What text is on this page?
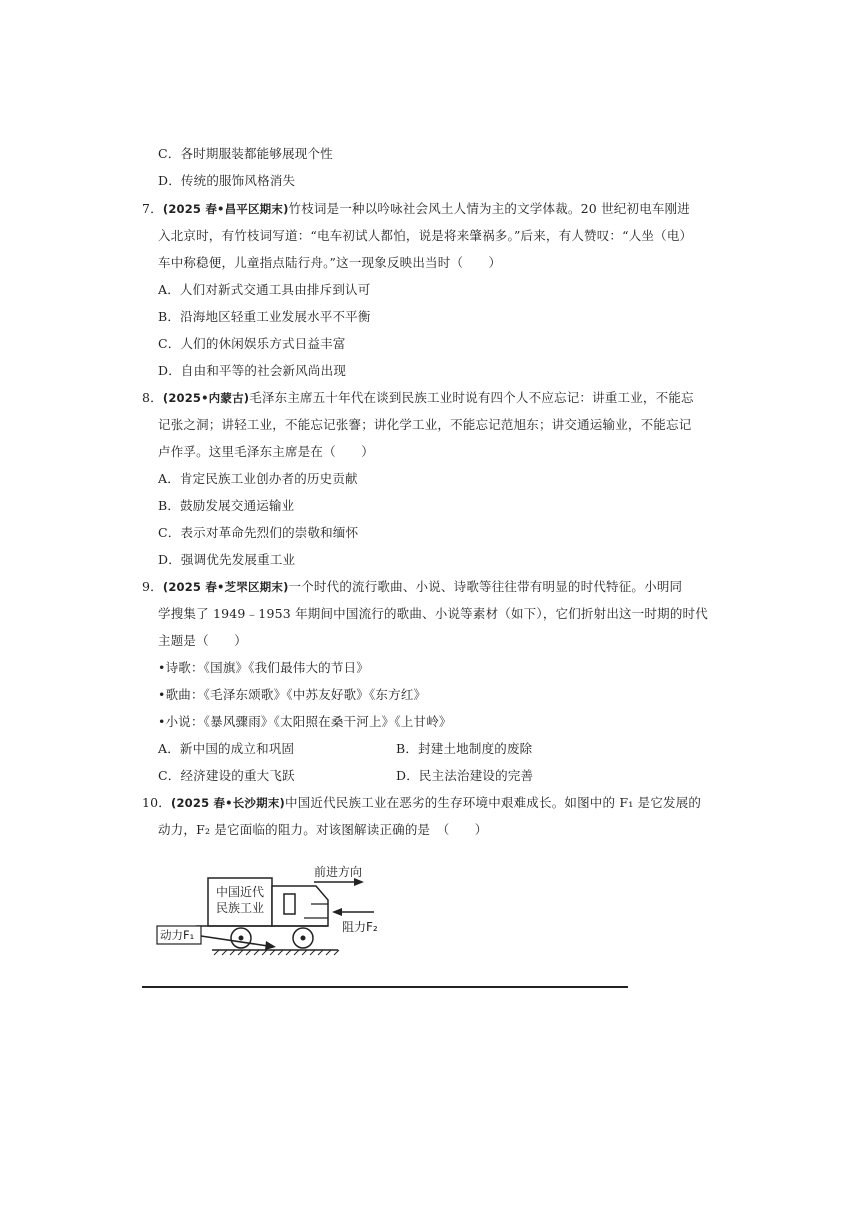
C．各时期服装都能够展现个性
D．传统的服饰风格消失
7．(2025 春•昌平区期末)竹枝词是一种以吟咏社会风土人情为主的文学体裁。20 世纪初电车刚进
入北京时，有竹枝词写道：“电车初试人都怕，说是将来肇祸多。”后来，有人赞叹：“人坐（电）
车中称稳便，儿童指点陆行舟。”这一现象反映出当时（　　）
A．人们对新式交通工具由排斥到认可
B．沿海地区轻重工业发展水平不平衡
C．人们的休闲娱乐方式日益丰富
D．自由和平等的社会新风尚出现
8．(2025•内蒙古)毛泽东主席五十年代在谈到民族工业时说有四个人不应忘记：讲重工业，不能忘
记张之洞；讲轻工业，不能忘记张謇；讲化学工业，不能忘记范旭东；讲交通运输业，不能忘记
卢作孚。这里毛泽东主席是在（　　）
A．肯定民族工业创办者的历史贡献
B．鼓励发展交通运输业
C．表示对革命先烈们的崇敬和缅怀
D．强调优先发展重工业
9．(2025 春•芝罘区期末)一个时代的流行歌曲、小说、诗歌等往往带有明显的时代特征。小明同
学搜集了 1949﹣1953 年期间中国流行的歌曲、小说等素材（如下），它们折射出这一时期的时代
主题是（　　）
•诗歌：《国旗》《我们最伟大的节日》
•歌曲：《毛泽东颂歌》《中苏友好歌》《东方红》
•小说：《暴风骤雨》《太阳照在桑干河上》《上甘岭》
A．新中国的成立和巩固	B．封建土地制度的废除
C．经济建设的重大飞跃	D．民主法治建设的完善
10．(2025 春•长沙期末)中国近代民族工业在恶劣的生存环境中艰难成长。如图中的 F₁ 是它发展的
动力，F₂ 是它面临的阻力。对该图解读正确的是　（　　）
中国近代
民族工业
前进方向
阻力F₂
动力F₁
